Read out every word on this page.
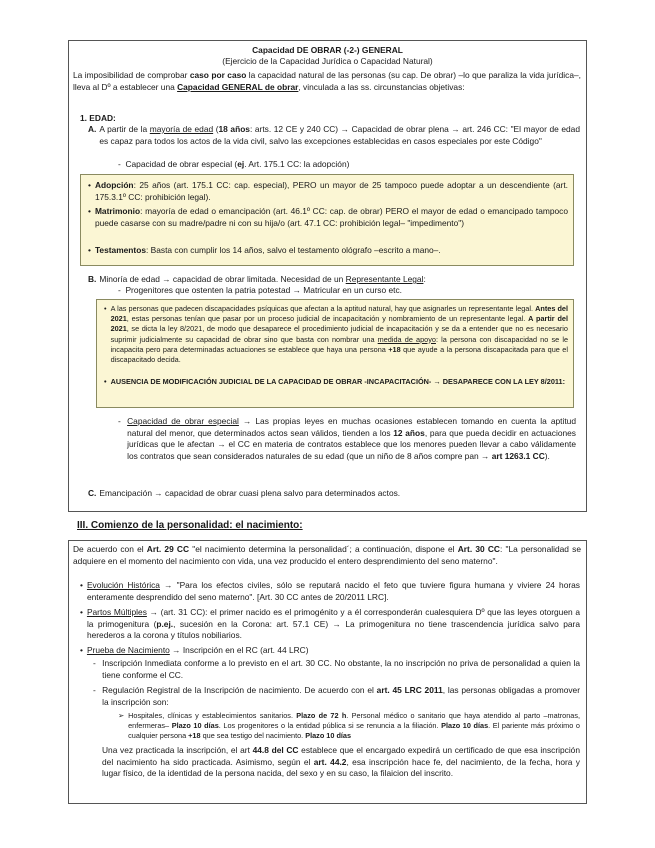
Capacidad DE OBRAR (-2-) GENERAL
(Ejercicio de la Capacidad Jurídica o Capacidad Natural)

La imposibilidad de comprobar caso por caso la capacidad natural de las personas (su cap. De obrar) –lo que paraliza la vida jurídica–, lleva al Dº a establecer una Capacidad GENERAL de obrar, vinculada a las ss. circunstancias objetivas:

1. EDAD:
A. A partir de la mayoría de edad (18 años: arts. 12 CE y 240 CC) → Capacidad de obrar plena → art. 246 CC: "El mayor de edad es capaz para todos los actos de la vida civil, salvo las excepciones establecidas en casos especiales por este Código"
-  Capacidad de obrar especial (ej. Art. 175.1 CC: la adopción)
• Adopción: 25 años (art. 175.1 CC: cap. especial), PERO un mayor de 25 tampoco puede adoptar a un descendiente (art. 175.3.1º CC: prohibición legal).
• Matrimonio: mayoría de edad o emancipación (art. 46.1º CC: cap. de obrar) PERO el mayor de edad o emancipado tampoco puede casarse con su madre/padre ni con su hija/o (art. 47.1 CC: prohibición legal– "impedimento")
• Testamentos: Basta con cumplir los 14 años, salvo el testamento ológrafo –escrito a mano–.
B. Minoría de edad → capacidad de obrar limitada. Necesidad de un Representante Legal:
-  Progenitores que ostenten la patria potestad → Matricular en un curso etc.
• A las personas que padecen discapacidades psíquicas que afectan a la aptitud natural, hay que asignarles un representante legal. Antes del 2021, estas personas tenían que pasar por un proceso judicial de incapacitación y nombramiento de un representante legal. A partir del 2021, se dicta la ley 8/2021, de modo que desaparece el procedimiento judicial de incapacitación y se da a entender que no es necesario suprimir judicialmente su capacidad de obrar sino que basta con nombrar una medida de apoyo: la persona con discapacidad no se le incapacita pero para determinadas actuaciones se establece que haya una persona +18 que ayude a la persona discapacitada para que el discapacitado decida.
• AUSENCIA DE MODIFICACIÓN JUDICIAL DE LA CAPACIDAD DE OBRAR -INCAPACITACIÓN- → DESAPARECE CON LA LEY 8/2011:
- Capacidad de obrar especial → Las propias leyes en muchas ocasiones establecen tomando en cuenta la aptitud natural del menor, que determinados actos sean válidos, tienden a los 12 años, para que pueda decidir en actuaciones jurídicas que le afectan → el CC en materia de contratos establece que los menores pueden llevar a cabo válidamente los contratos que sean considerados naturales de su edad (que un niño de 8 años compre pan → art 1263.1 CC).
C. Emancipación → capacidad de obrar cuasi plena salvo para determinados actos.
III. Comienzo de la personalidad: el nacimiento:

De acuerdo con el Art. 29 CC "el nacimiento determina la personalidad´; a continuación, dispone el Art. 30 CC: "La personalidad se adquiere en el momento del nacimiento con vida, una vez producido el entero desprendimiento del seno materno".

• Evolución Histórica → "Para los efectos civiles, sólo se reputará nacido el feto que tuviere figura humana y viviere 24 horas enteramente desprendido del seno materno". [Art. 30 CC antes de 20/2011 LRC].
• Partos Múltiples → (art. 31 CC): el primer nacido es el primogénito y a él corresponderán cualesquiera Dº que las leyes otorguen a la primogenitura (p.ej., sucesión en la Corona: art. 57.1 CE) → La primogenitura no tiene trascendencia jurídica salvo para herederos a la corona y títulos nobiliarios.
• Prueba de Nacimiento → Inscripción en el RC (art. 44 LRC)
- Inscripción Inmediata conforme a lo previsto en el art. 30 CC. No obstante, la no inscripción no priva de personalidad a quien la tiene conforme el CC.
- Regulación Registral de la Inscripción de nacimiento. De acuerdo con el art. 45 LRC 2011, las personas obligadas a promover la inscripción son:
➢ Hospitales, clínicas y establecimientos sanitarios. Plazo de 72 h. Personal médico o sanitario que haya atendido al parto –matronas, enfermeras– Plazo 10 días. Los progenitores o la entidad pública si se renuncia a la filiación. Plazo 10 días. El pariente más próximo o cualquier persona +18 que sea testigo del nacimiento. Plazo 10 días

Una vez practicada la inscripción, el art 44.8 del CC establece que el encargado expedirá un certificado de que esa inscripción del nacimiento ha sido practicada. Asimismo, según el art. 44.2, esa inscripción hace fe, del nacimiento, de la fecha, hora y lugar físico, de la identidad de la persona nacida, del sexo y en su caso, la filaicion del inscrito.
